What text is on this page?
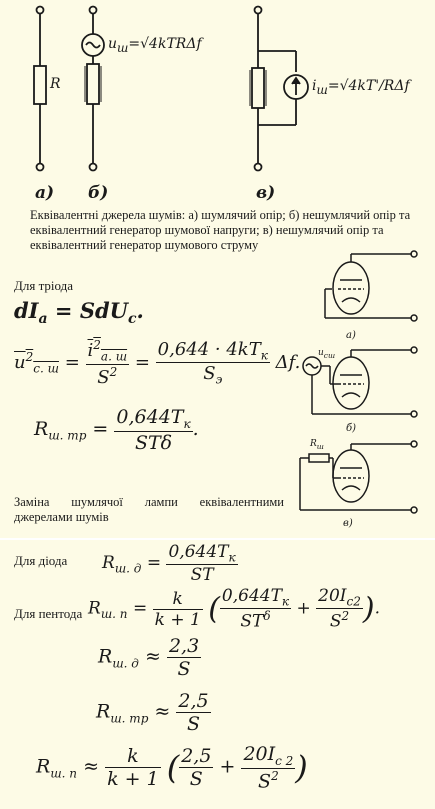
R
$u_ш=√4kTR\Delta f$
$i_ш=√4kT'$/RΔf
а) б)	в)
Еквівалентні джерела шумів: а) шумлячий опір; б) нешумлячий опір та еквівалентний генератор шумової напруги; в) нешумлячий опір та еквівалентний генератор шумового струму
Для тріода
$dI_a = SdU_c$.
$u^2_{c. ш} = \frac{i^2_{a. ш}}{S^2} = \frac{0,644 \cdot 4kT_к}{S_э} \Delta f$.
$R_{ш. тр} = \frac{0,644T_к}{\text{STδ}}$ .
Заміна шумлячої лампи еквівалентними джерелами шумів
а)
б)
в)
$u_{сш}$
$R_ш$
Для діода $R_{ш. д} = \frac{0,644T_к}{ST}$
Для пентода $R_{ш. п} = \frac{k}{k + 1}$ ( $\frac{0,644T_к}{ST^\delta} + \frac{20I_{c2}}{S^2}$ ).
$R_{ш. д} \approx \frac{2,3}{S}$
$R_{ш. тр} \approx \frac{2,5}{S}$
$R_{ш. п} \approx \frac{k}{k + 1}$ ( $\frac{2,5}{S} + \frac{20I_{c 2}}{S^2}$ )
